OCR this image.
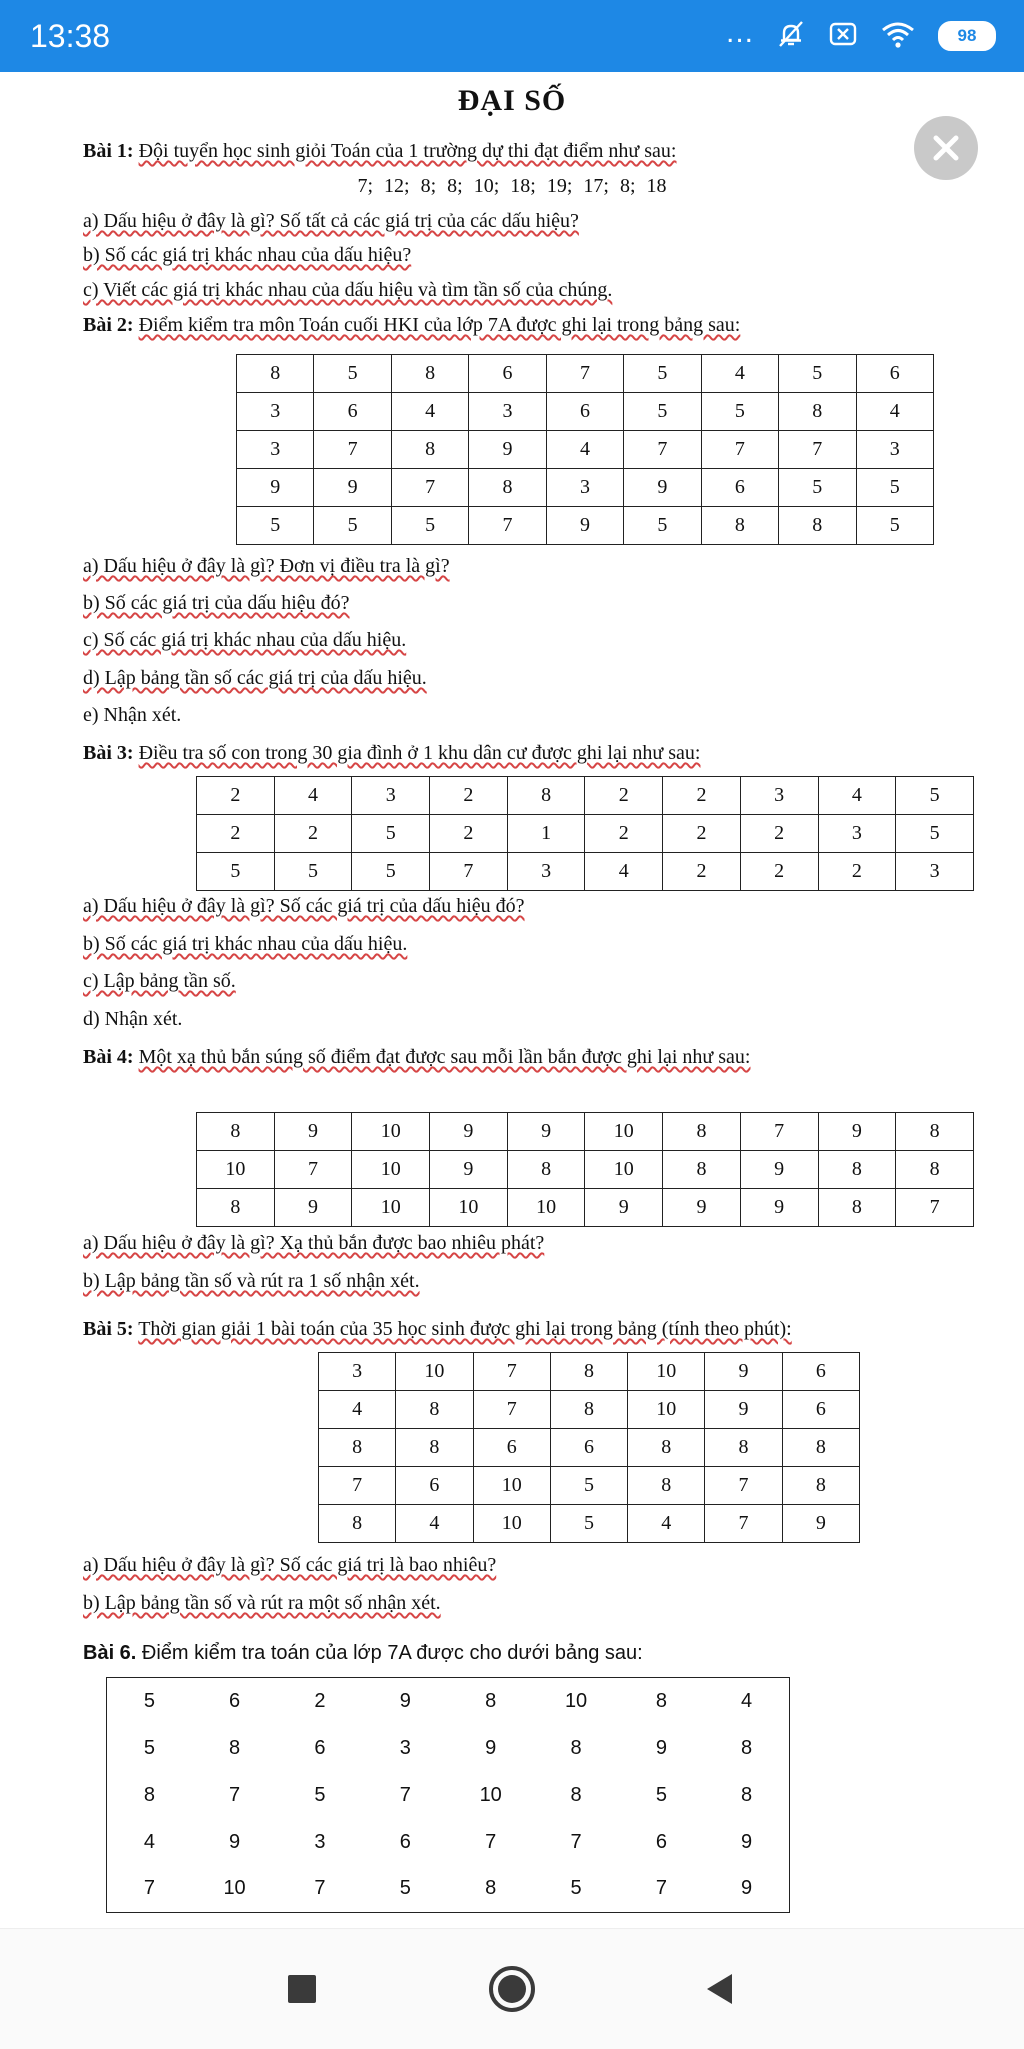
13:38	...	98
ĐẠI SỐ
Bài 1: Đội tuyển học sinh giỏi Toán của 1 trường dự thi đạt điểm như sau:
7; 12; 8; 8; 10; 18; 19; 17; 8; 18
a) Dấu hiệu ở đây là gì? Số tất cả các giá trị của các dấu hiệu?
b) Số các giá trị khác nhau của dấu hiệu?
c) Viết các giá trị khác nhau của dấu hiệu và tìm tần số của chúng.
Bài 2: Điểm kiểm tra môn Toán cuối HKI của lớp 7A được ghi lại trong bảng sau:
8	5	8	6	7	5	4	5	6
3	6	4	3	6	5	5	8	4
3	7	8	9	4	7	7	7	3
9	9	7	8	3	9	6	5	5
5	5	5	7	9	5	8	8	5
a) Dấu hiệu ở đây là gì? Đơn vị điều tra là gì?
b) Số các giá trị của dấu hiệu đó?
c) Số các giá trị khác nhau của dấu hiệu.
d) Lập bảng tần số các giá trị của dấu hiệu.
e) Nhận xét.
Bài 3: Điều tra số con trong 30 gia đình ở 1 khu dân cư được ghi lại như sau:
2	4	3	2	8	2	2	3	4	5
2	2	5	2	1	2	2	2	3	5
5	5	5	7	3	4	2	2	2	3
a) Dấu hiệu ở đây là gì? Số các giá trị của dấu hiệu đó?
b) Số các giá trị khác nhau của dấu hiệu.
c) Lập bảng tần số.
d) Nhận xét.
Bài 4: Một xạ thủ bắn súng số điểm đạt được sau mỗi lần bắn được ghi lại như sau:
8	9	10	9	9	10	8	7	9	8
10	7	10	9	8	10	8	9	8	8
8	9	10	10	10	9	9	9	8	7
a) Dấu hiệu ở đây là gì? Xạ thủ bắn được bao nhiêu phát?
b) Lập bảng tần số và rút ra 1 số nhận xét.
Bài 5: Thời gian giải 1 bài toán của 35 học sinh được ghi lại trong bảng (tính theo phút):
3	10	7	8	10	9	6
4	8	7	8	10	9	6
8	8	6	6	8	8	8
7	6	10	5	8	7	8
8	4	10	5	4	7	9
a) Dấu hiệu ở đây là gì? Số các giá trị là bao nhiêu?
b) Lập bảng tần số và rút ra một số nhận xét.
Bài 6. Điểm kiểm tra toán của lớp 7A được cho dưới bảng sau:
5	6	2	9	8	10	8	4
5	8	6	3	9	8	9	8
8	7	5	7	10	8	5	8
4	9	3	6	7	7	6	9
7	10	7	5	8	5	7	9
